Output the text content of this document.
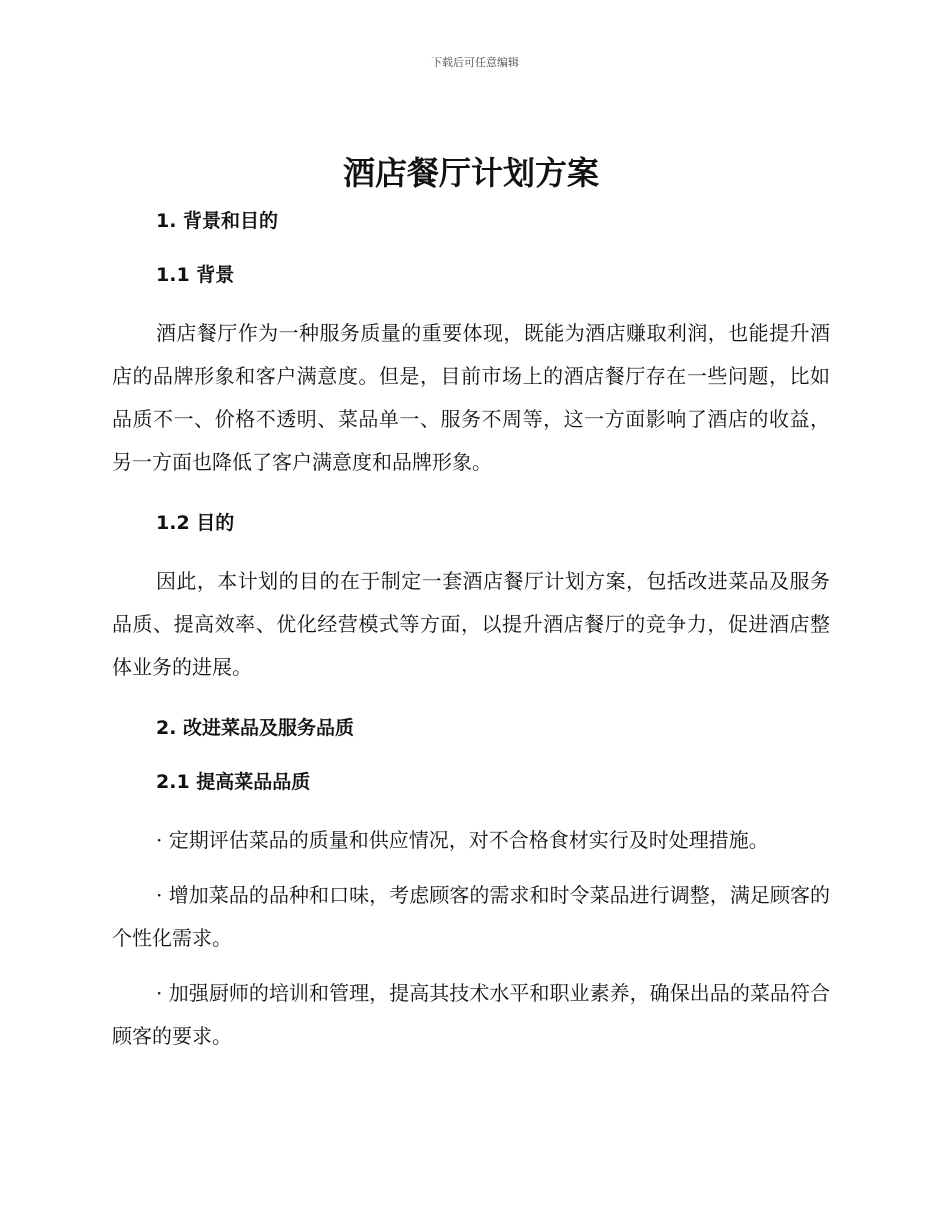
下载后可任意编辑
酒店餐厅计划方案

1. 背景和目的

1.1 背景

酒店餐厅作为一种服务质量的重要体现，既能为酒店赚取利润，也能提升酒店的品牌形象和客户满意度。但是，目前市场上的酒店餐厅存在一些问题，比如品质不一、价格不透明、菜品单一、服务不周等，这一方面影响了酒店的收益，另一方面也降低了客户满意度和品牌形象。

1.2 目的

因此，本计划的目的在于制定一套酒店餐厅计划方案，包括改进菜品及服务品质、提高效率、优化经营模式等方面，以提升酒店餐厅的竞争力，促进酒店整体业务的进展。

2. 改进菜品及服务品质

2.1 提高菜品品质

· 定期评估菜品的质量和供应情况，对不合格食材实行及时处理措施。

· 增加菜品的品种和口味，考虑顾客的需求和时令菜品进行调整，满足顾客的个性化需求。

· 加强厨师的培训和管理，提高其技术水平和职业素养，确保出品的菜品符合顾客的要求。
